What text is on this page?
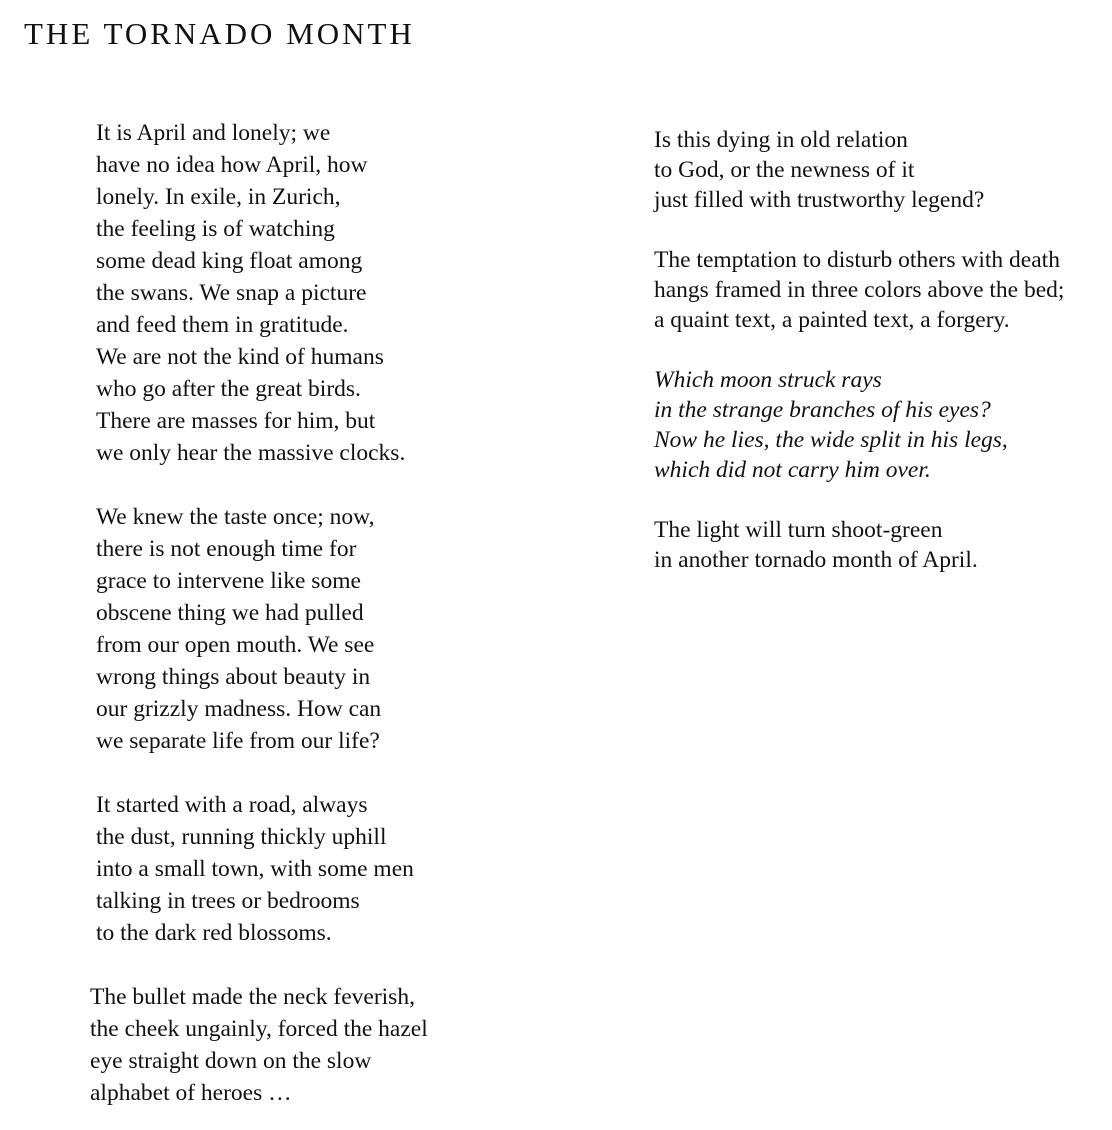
THE TORNADO MONTH

It is April and lonely; we
have no idea how April, how
lonely. In exile, in Zurich,
the feeling is of watching
some dead king float among
the swans. We snap a picture
and feed them in gratitude.
We are not the kind of humans
who go after the great birds.
There are masses for him, but
we only hear the massive clocks.

We knew the taste once; now,
there is not enough time for
grace to intervene like some
obscene thing we had pulled
from our open mouth. We see
wrong things about beauty in
our grizzly madness. How can
we separate life from our life?

It started with a road, always
the dust, running thickly uphill
into a small town, with some men
talking in trees or bedrooms
to the dark red blossoms.

The bullet made the neck feverish,
the cheek ungainly, forced the hazel
eye straight down on the slow
alphabet of heroes …

Is this dying in old relation
to God, or the newness of it
just filled with trustworthy legend?

The temptation to disturb others with death
hangs framed in three colors above the bed;
a quaint text, a painted text, a forgery.

Which moon struck rays
in the strange branches of his eyes?
Now he lies, the wide split in his legs,
which did not carry him over.

The light will turn shoot-green
in another tornado month of April.
